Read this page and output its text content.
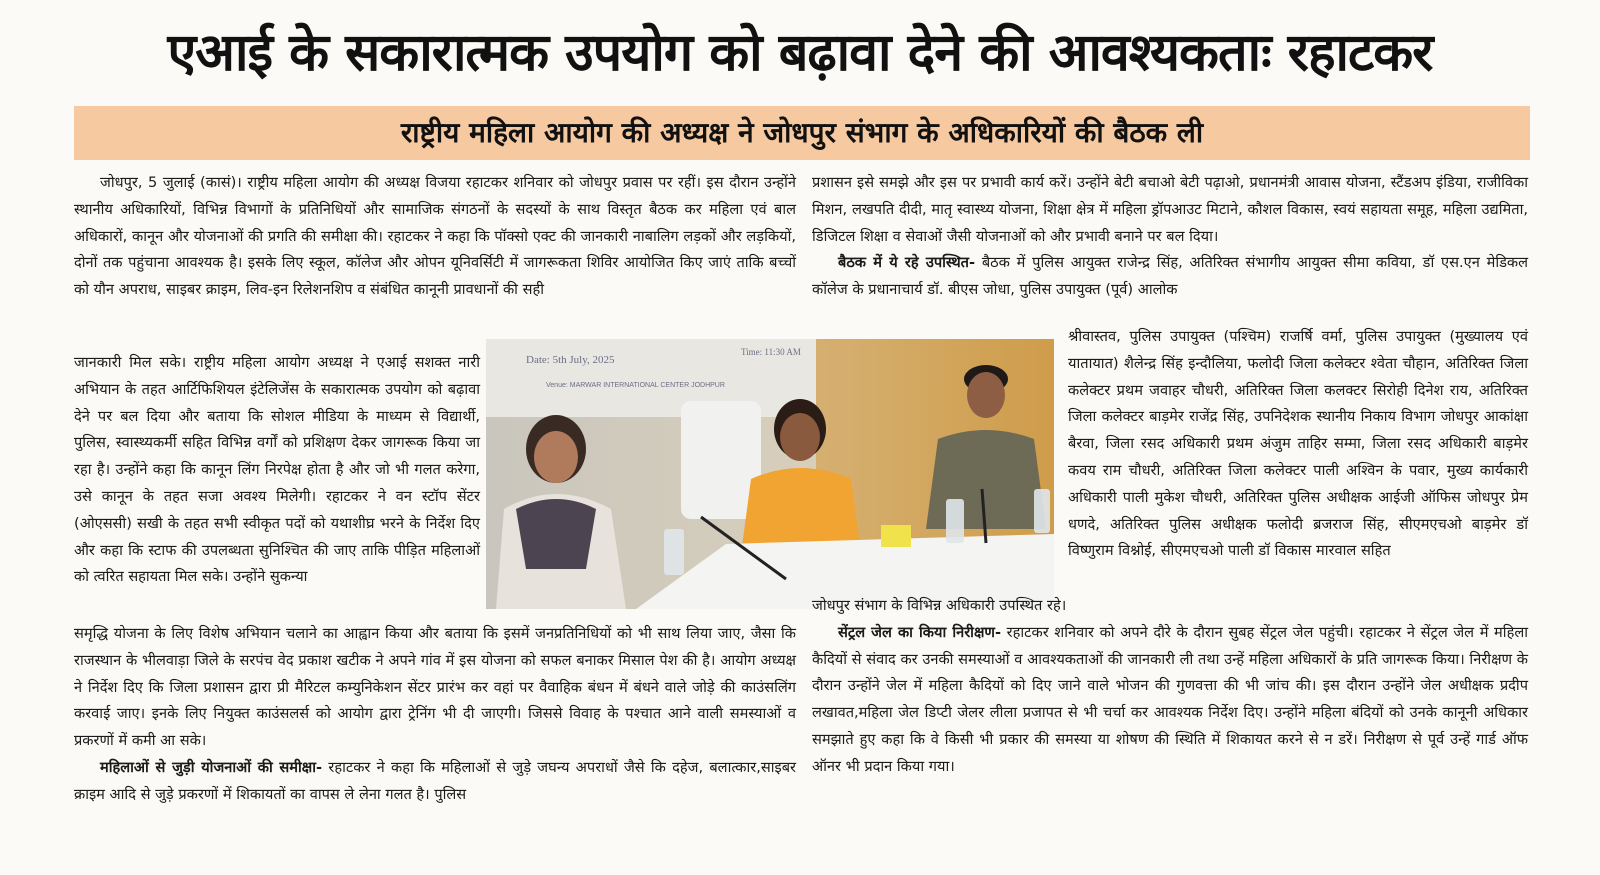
एआई के सकारात्मक उपयोग को बढ़ावा देने की आवश्यकताः रहाटकर
राष्ट्रीय महिला आयोग की अध्यक्ष ने जोधपुर संभाग के अधिकारियों की बैठक ली

जोधपुर, 5 जुलाई (कासं)। राष्ट्रीय महिला आयोग की अध्यक्ष विजया रहाटकर शनिवार को जोधपुर प्रवास पर रहीं। इस दौरान उन्होंने स्थानीय अधिकारियों, विभिन्न विभागों के प्रतिनिधियों और सामाजिक संगठनों के सदस्यों के साथ विस्तृत बैठक कर महिला एवं बाल अधिकारों, कानून और योजनाओं की प्रगति की समीक्षा की। रहाटकर ने कहा कि पॉक्सो एक्ट की जानकारी नाबालिग लड़कों और लड़कियों, दोनों तक पहुंचाना आवश्यक है। इसके लिए स्कूल, कॉलेज और ओपन यूनिवर्सिटी में जागरूकता शिविर आयोजित किए जाएं ताकि बच्चों को यौन अपराध, साइबर क्राइम, लिव-इन रिलेशनशिप व संबंधित कानूनी प्रावधानों की सही

जानकारी मिल सके। राष्ट्रीय महिला आयोग अध्यक्ष ने एआई सशक्त नारी अभियान के तहत आर्टिफिशियल इंटेलिजेंस के सकारात्मक उपयोग को बढ़ावा देने पर बल दिया और बताया कि सोशल मीडिया के माध्यम से विद्यार्थी, पुलिस, स्वास्थ्यकर्मी सहित विभिन्न वर्गों को प्रशिक्षण देकर जागरूक किया जा रहा है। उन्होंने कहा कि कानून लिंग निरपेक्ष होता है और जो भी गलत करेगा, उसे कानून के तहत सजा अवश्य मिलेगी। रहाटकर ने वन स्टॉप सेंटर (ओएससी) सखी के तहत सभी स्वीकृत पदों को यथाशीघ्र भरने के निर्देश दिए और कहा कि स्टाफ की उपलब्धता सुनिश्चित की जाए ताकि पीड़ित महिलाओं को त्वरित सहायता मिल सके। उन्होंने सुकन्या

समृद्धि योजना के लिए विशेष अभियान चलाने का आह्वान किया और बताया कि इसमें जनप्रतिनिधियों को भी साथ लिया जाए, जैसा कि राजस्थान के भीलवाड़ा जिले के सरपंच वेद प्रकाश खटीक ने अपने गांव में इस योजना को सफल बनाकर मिसाल पेश की है। आयोग अध्यक्ष ने निर्देश दिए कि जिला प्रशासन द्वारा प्री मैरिटल कम्युनिकेशन सेंटर प्रारंभ कर वहां पर वैवाहिक बंधन में बंधने वाले जोड़े की काउंसलिंग करवाई जाए। इनके लिए नियुक्त काउंसलर्स को आयोग द्वारा ट्रेनिंग भी दी जाएगी। जिससे विवाह के पश्चात आने वाली समस्याओं व प्रकरणों में कमी आ सके।

महिलाओं से जुड़ी योजनाओं की समीक्षा- रहाटकर ने कहा कि महिलाओं से जुड़े जघन्य अपराधों जैसे कि दहेज, बलात्कार,साइबर क्राइम आदि से जुड़े प्रकरणों में शिकायतों का वापस ले लेना गलत है। पुलिस

Date: 5th July, 2025
Time: 11:30 AM
Venue: MARWAR INTERNATIONAL CENTER JODHPUR

प्रशासन इसे समझे और इस पर प्रभावी कार्य करें। उन्होंने बेटी बचाओ बेटी पढ़ाओ, प्रधानमंत्री आवास योजना, स्टैंडअप इंडिया, राजीविका मिशन, लखपति दीदी, मातृ स्वास्थ्य योजना, शिक्षा क्षेत्र में महिला ड्रॉपआउट मिटाने, कौशल विकास, स्वयं सहायता समूह, महिला उद्यमिता, डिजिटल शिक्षा व सेवाओं जैसी योजनाओं को और प्रभावी बनाने पर बल दिया।

बैठक में ये रहे उपस्थित- बैठक में पुलिस आयुक्त राजेन्द्र सिंह, अतिरिक्त संभागीय आयुक्त सीमा कविया, डॉ एस.एन मेडिकल कॉलेज के प्रधानाचार्य डॉ. बीएस जोधा, पुलिस उपायुक्त (पूर्व) आलोक

श्रीवास्तव, पुलिस उपायुक्त (पश्चिम) राजर्षि वर्मा, पुलिस उपायुक्त (मुख्यालय एवं यातायात) शैलेन्द्र सिंह इन्दौलिया, फलोदी जिला कलेक्टर श्वेता चौहान, अतिरिक्त जिला कलेक्टर प्रथम जवाहर चौधरी, अतिरिक्त जिला कलक्टर सिरोही दिनेश राय, अतिरिक्त जिला कलेक्टर बाड़मेर राजेंद्र सिंह, उपनिदेशक स्थानीय निकाय विभाग जोधपुर आकांक्षा बैरवा, जिला रसद अधिकारी प्रथम अंजुम ताहिर सम्मा, जिला रसद अधिकारी बाड़मेर कवय राम चौधरी, अतिरिक्त जिला कलेक्टर पाली अश्विन के पवार, मुख्य कार्यकारी अधिकारी पाली मुकेश चौधरी, अतिरिक्त पुलिस अधीक्षक आईजी ऑफिस जोधपुर प्रेम धणदे, अतिरिक्त पुलिस अधीक्षक फलोदी ब्रजराज सिंह, सीएमएचओ बाड़मेर डॉ विष्णुराम विश्नोई, सीएमएचओ पाली डॉ विकास मारवाल सहित

जोधपुर संभाग के विभिन्न अधिकारी उपस्थित रहे।

सेंट्रल जेल का किया निरीक्षण- रहाटकर शनिवार को अपने दौरे के दौरान सुबह सेंट्रल जेल पहुंची। रहाटकर ने सेंट्रल जेल में महिला कैदियों से संवाद कर उनकी समस्याओं व आवश्यकताओं की जानकारी ली तथा उन्हें महिला अधिकारों के प्रति जागरूक किया। निरीक्षण के दौरान उन्होंने जेल में महिला कैदियों को दिए जाने वाले भोजन की गुणवत्ता की भी जांच की। इस दौरान उन्होंने जेल अधीक्षक प्रदीप लखावत,महिला जेल डिप्टी जेलर लीला प्रजापत से भी चर्चा कर आवश्यक निर्देश दिए। उन्होंने महिला बंदियों को उनके कानूनी अधिकार समझाते हुए कहा कि वे किसी भी प्रकार की समस्या या शोषण की स्थिति में शिकायत करने से न डरें। निरीक्षण से पूर्व उन्हें गार्ड ऑफ ऑनर भी प्रदान किया गया।
